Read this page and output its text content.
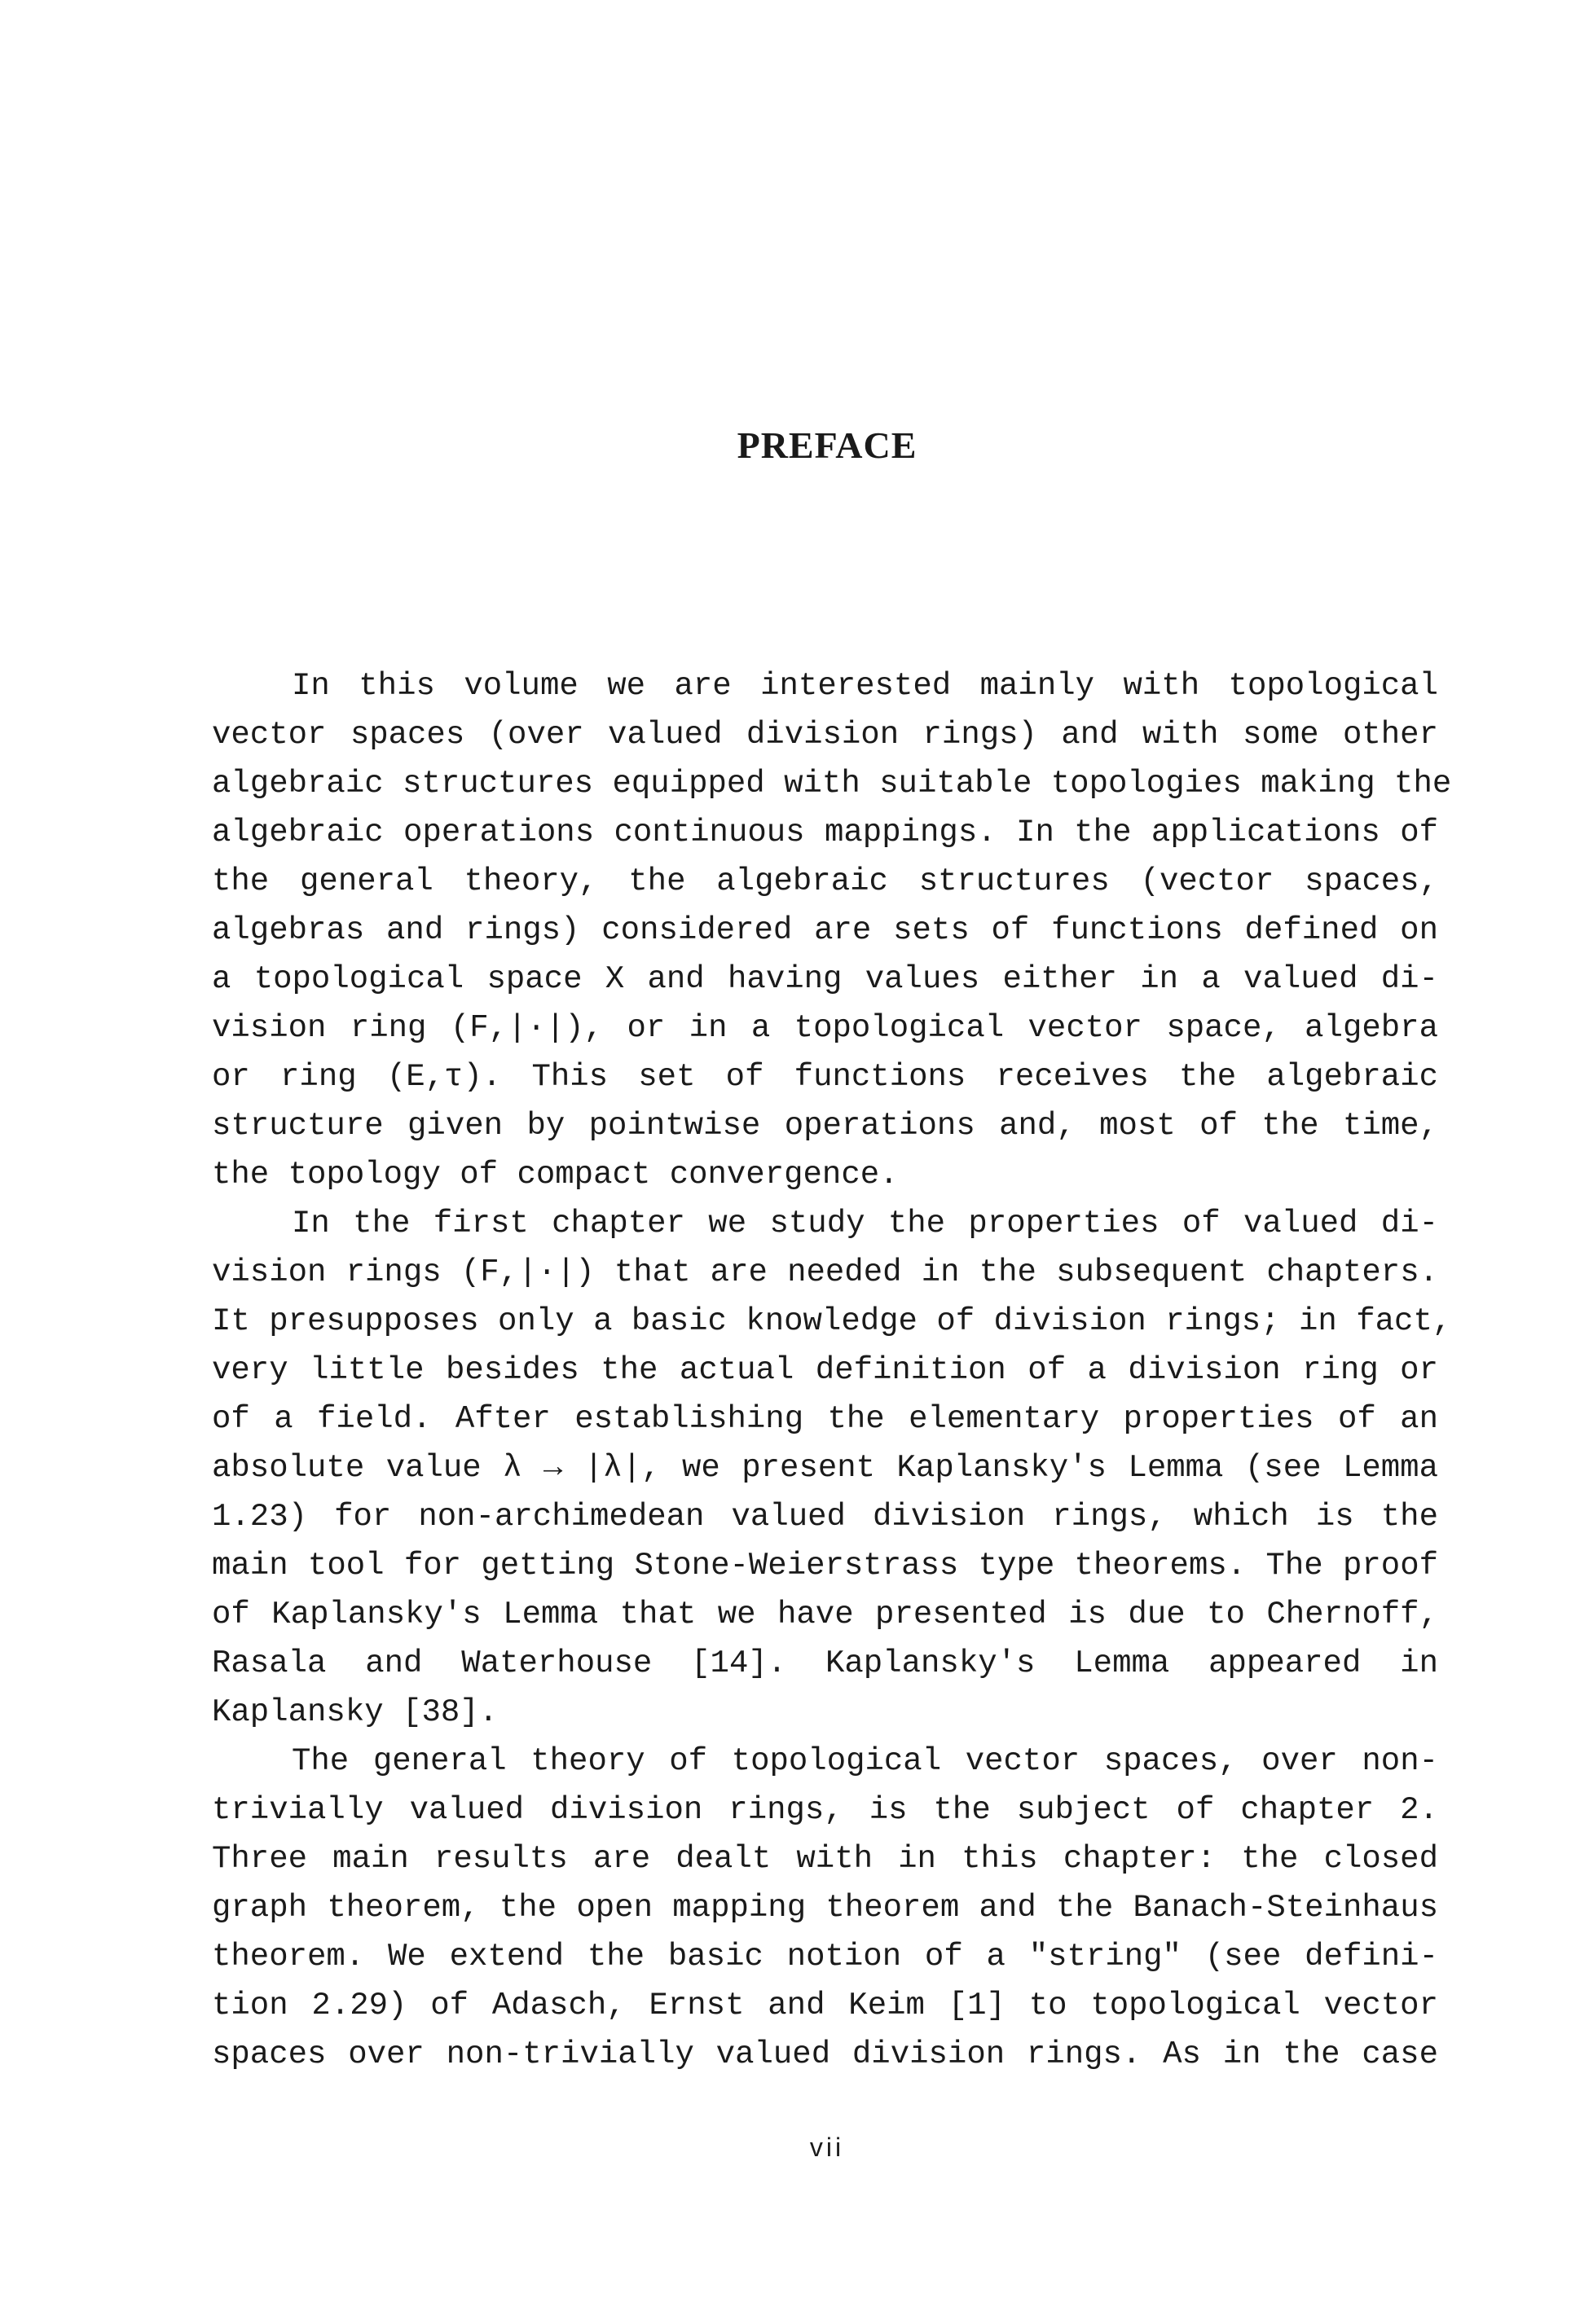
PREFACE

In this volume we are interested mainly with topological
vector spaces (over valued division rings) and with some other
algebraic structures equipped with suitable topologies making the
algebraic operations continuous mappings. In the applications of
the general theory, the algebraic structures (vector spaces,
algebras and rings) considered are sets of functions defined on
a topological space X and having values either in a valued di-
vision ring (F,|·|), or in a topological vector space, algebra
or ring (E,τ). This set of functions receives the algebraic
structure given by pointwise operations and, most of the time,
the topology of compact convergence.

In the first chapter we study the properties of valued di-
vision rings (F,|·|) that are needed in the subsequent chapters.
It presupposes only a basic knowledge of division rings; in fact,
very little besides the actual definition of a division ring or
of a field. After establishing the elementary properties of an
absolute value λ → |λ|, we present Kaplansky's Lemma (see Lemma
1.23) for non-archimedean valued division rings, which is the
main tool for getting Stone-Weierstrass type theorems. The proof
of Kaplansky's Lemma that we have presented is due to Chernoff,
Rasala and Waterhouse [14]. Kaplansky's Lemma appeared in
Kaplansky [38].

The general theory of topological vector spaces, over non-
trivially valued division rings, is the subject of chapter 2.
Three main results are dealt with in this chapter: the closed
graph theorem, the open mapping theorem and the Banach-Steinhaus
theorem. We extend the basic notion of a "string" (see defini-
tion 2.29) of Adasch, Ernst and Keim [1] to topological vector
spaces over non-trivially valued division rings. As in the case

vii
